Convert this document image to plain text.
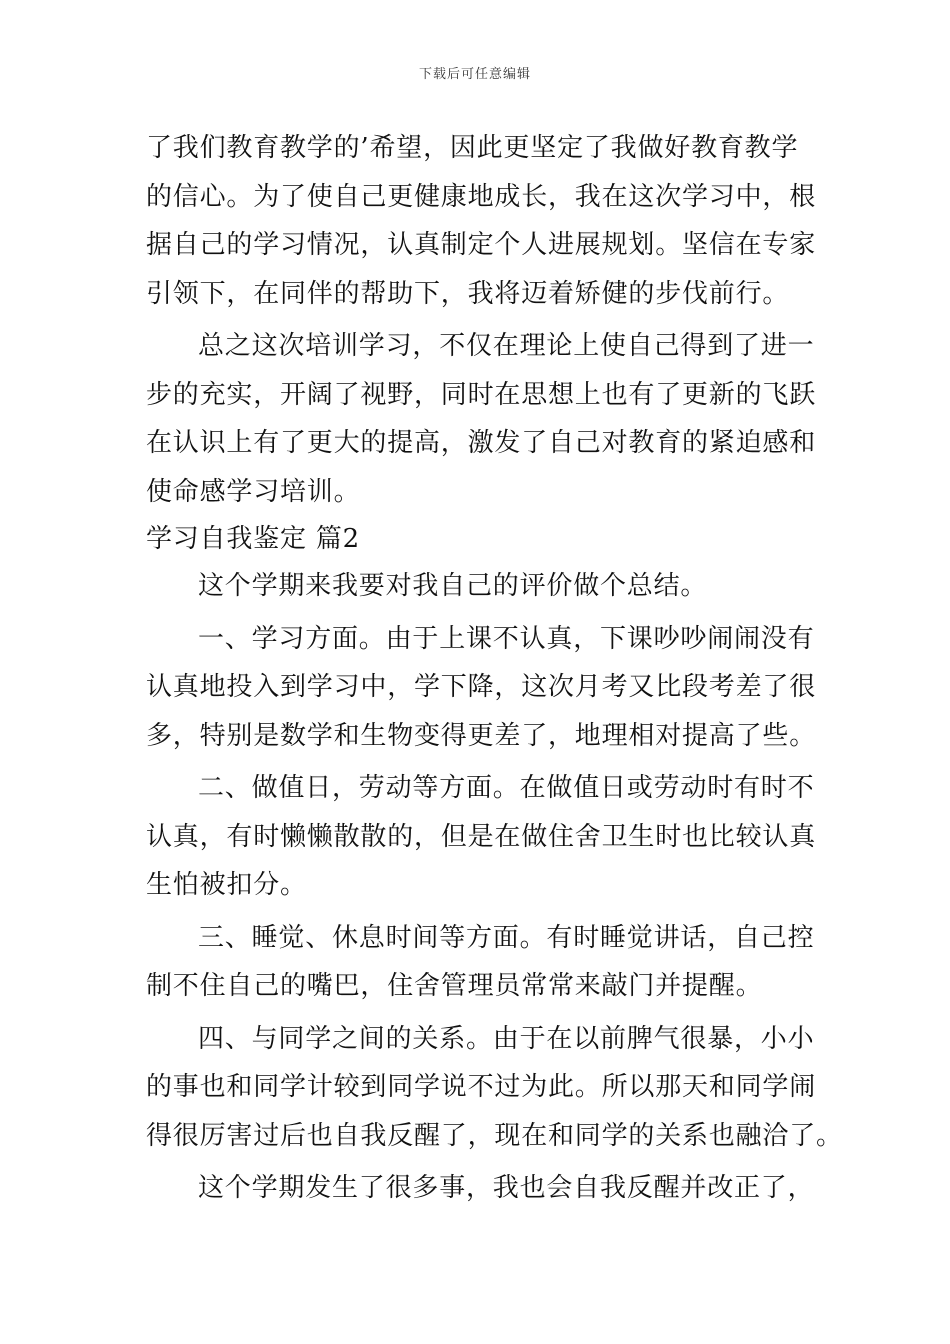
下载后可任意编辑
了我们教育教学的’希望，因此更坚定了我做好教育教学
的信心。为了使自己更健康地成长，我在这次学习中，根
据自己的学习情况，认真制定个人进展规划。坚信在专家
引领下，在同伴的帮助下，我将迈着矫健的步伐前行。
总之这次培训学习，不仅在理论上使自己得到了进一
步的充实，开阔了视野，同时在思想上也有了更新的飞跃
在认识上有了更大的提高，激发了自己对教育的紧迫感和
使命感学习培训。
学习自我鉴定 篇2
这个学期来我要对我自己的评价做个总结。
一、学习方面。由于上课不认真，下课吵吵闹闹没有
认真地投入到学习中，学下降，这次月考又比段考差了很
多，特别是数学和生物变得更差了，地理相对提高了些。
二、做值日，劳动等方面。在做值日或劳动时有时不
认真，有时懒懒散散的，但是在做住舍卫生时也比较认真
生怕被扣分。
三、睡觉、休息时间等方面。有时睡觉讲话，自己控
制不住自己的嘴巴，住舍管理员常常来敲门并提醒。
四、与同学之间的关系。由于在以前脾气很暴，小小
的事也和同学计较到同学说不过为此。所以那天和同学闹
得很厉害过后也自我反醒了，现在和同学的关系也融洽了。
这个学期发生了很多事，我也会自我反醒并改正了，
